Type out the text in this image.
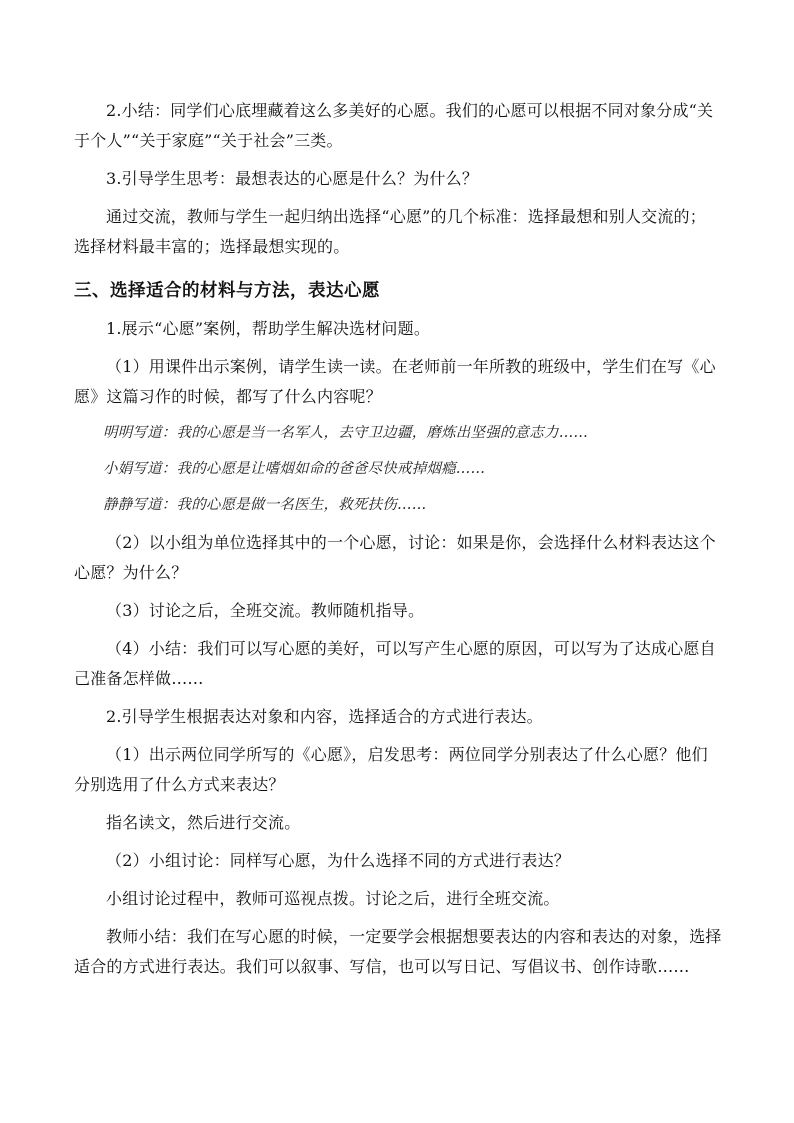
2.小结：同学们心底埋藏着这么多美好的心愿。我们的心愿可以根据不同对象分成“关于个人”“关于家庭”“关于社会”三类。

3.引导学生思考：最想表达的心愿是什么？为什么？

通过交流，教师与学生一起归纳出选择“心愿”的几个标准：选择最想和别人交流的；选择材料最丰富的；选择最想实现的。

三、选择适合的材料与方法，表达心愿

1.展示“心愿”案例，帮助学生解决选材问题。

（1）用课件出示案例，请学生读一读。在老师前一年所教的班级中，学生们在写《心愿》这篇习作的时候，都写了什么内容呢？

明明写道：我的心愿是当一名军人，去守卫边疆，磨炼出坚强的意志力……

小娟写道：我的心愿是让嗜烟如命的爸爸尽快戒掉烟瘾……

静静写道：我的心愿是做一名医生，救死扶伤……

（2）以小组为单位选择其中的一个心愿，讨论：如果是你，会选择什么材料表达这个心愿？为什么？

（3）讨论之后，全班交流。教师随机指导。

（4）小结：我们可以写心愿的美好，可以写产生心愿的原因，可以写为了达成心愿自己准备怎样做……

2.引导学生根据表达对象和内容，选择适合的方式进行表达。

（1）出示两位同学所写的《心愿》，启发思考：两位同学分别表达了什么心愿？他们分别选用了什么方式来表达？

指名读文，然后进行交流。

（2）小组讨论：同样写心愿，为什么选择不同的方式进行表达？

小组讨论过程中，教师可巡视点拨。讨论之后，进行全班交流。

教师小结：我们在写心愿的时候，一定要学会根据想要表达的内容和表达的对象，选择适合的方式进行表达。我们可以叙事、写信，也可以写日记、写倡议书、创作诗歌……
